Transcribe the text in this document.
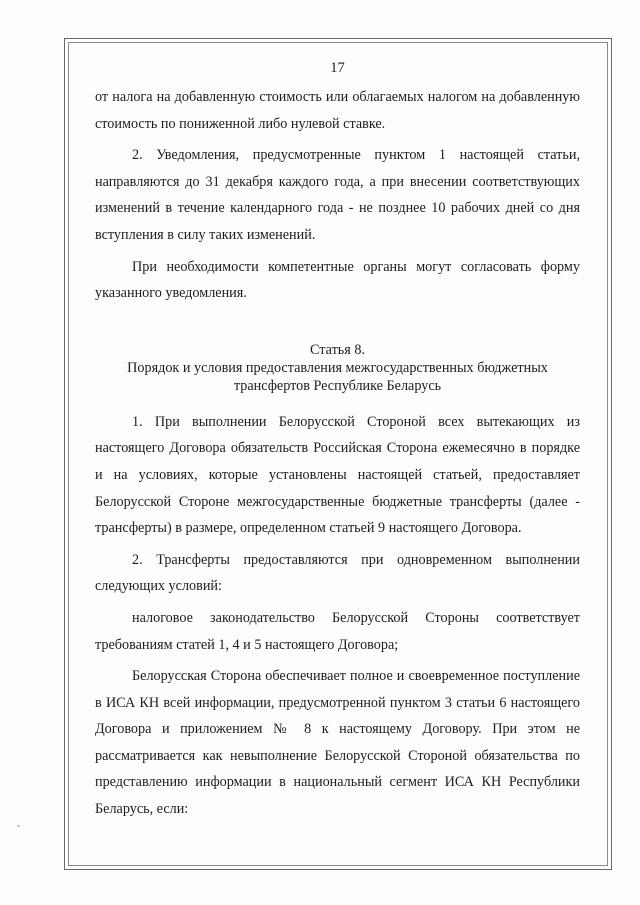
17

от налога на добавленную стоимость или облагаемых налогом на добавленную стоимость по пониженной либо нулевой ставке.

2. Уведомления, предусмотренные пунктом 1 настоящей статьи, направляются до 31 декабря каждого года, а при внесении соответствующих изменений в течение календарного года - не позднее 10 рабочих дней со дня вступления в силу таких изменений.

При необходимости компетентные органы могут согласовать форму указанного уведомления.

Статья 8.
Порядок и условия предоставления межгосударственных бюджетных
трансфертов Республике Беларусь

1. При выполнении Белорусской Стороной всех вытекающих из настоящего Договора обязательств Российская Сторона ежемесячно в порядке и на условиях, которые установлены настоящей статьей, предоставляет Белорусской Стороне межгосударственные бюджетные трансферты (далее - трансферты) в размере, определенном статьей 9 настоящего Договора.

2. Трансферты предоставляются при одновременном выполнении следующих условий:

налоговое законодательство Белорусской Стороны соответствует требованиям статей 1, 4 и 5 настоящего Договора;

Белорусская Сторона обеспечивает полное и своевременное поступление в ИСА КН всей информации, предусмотренной пунктом 3 статьи 6 настоящего Договора и приложением № 8 к настоящему Договору. При этом не рассматривается как невыполнение Белорусской Стороной обязательства по представлению информации в национальный сегмент ИСА КН Республики Беларусь, если:
